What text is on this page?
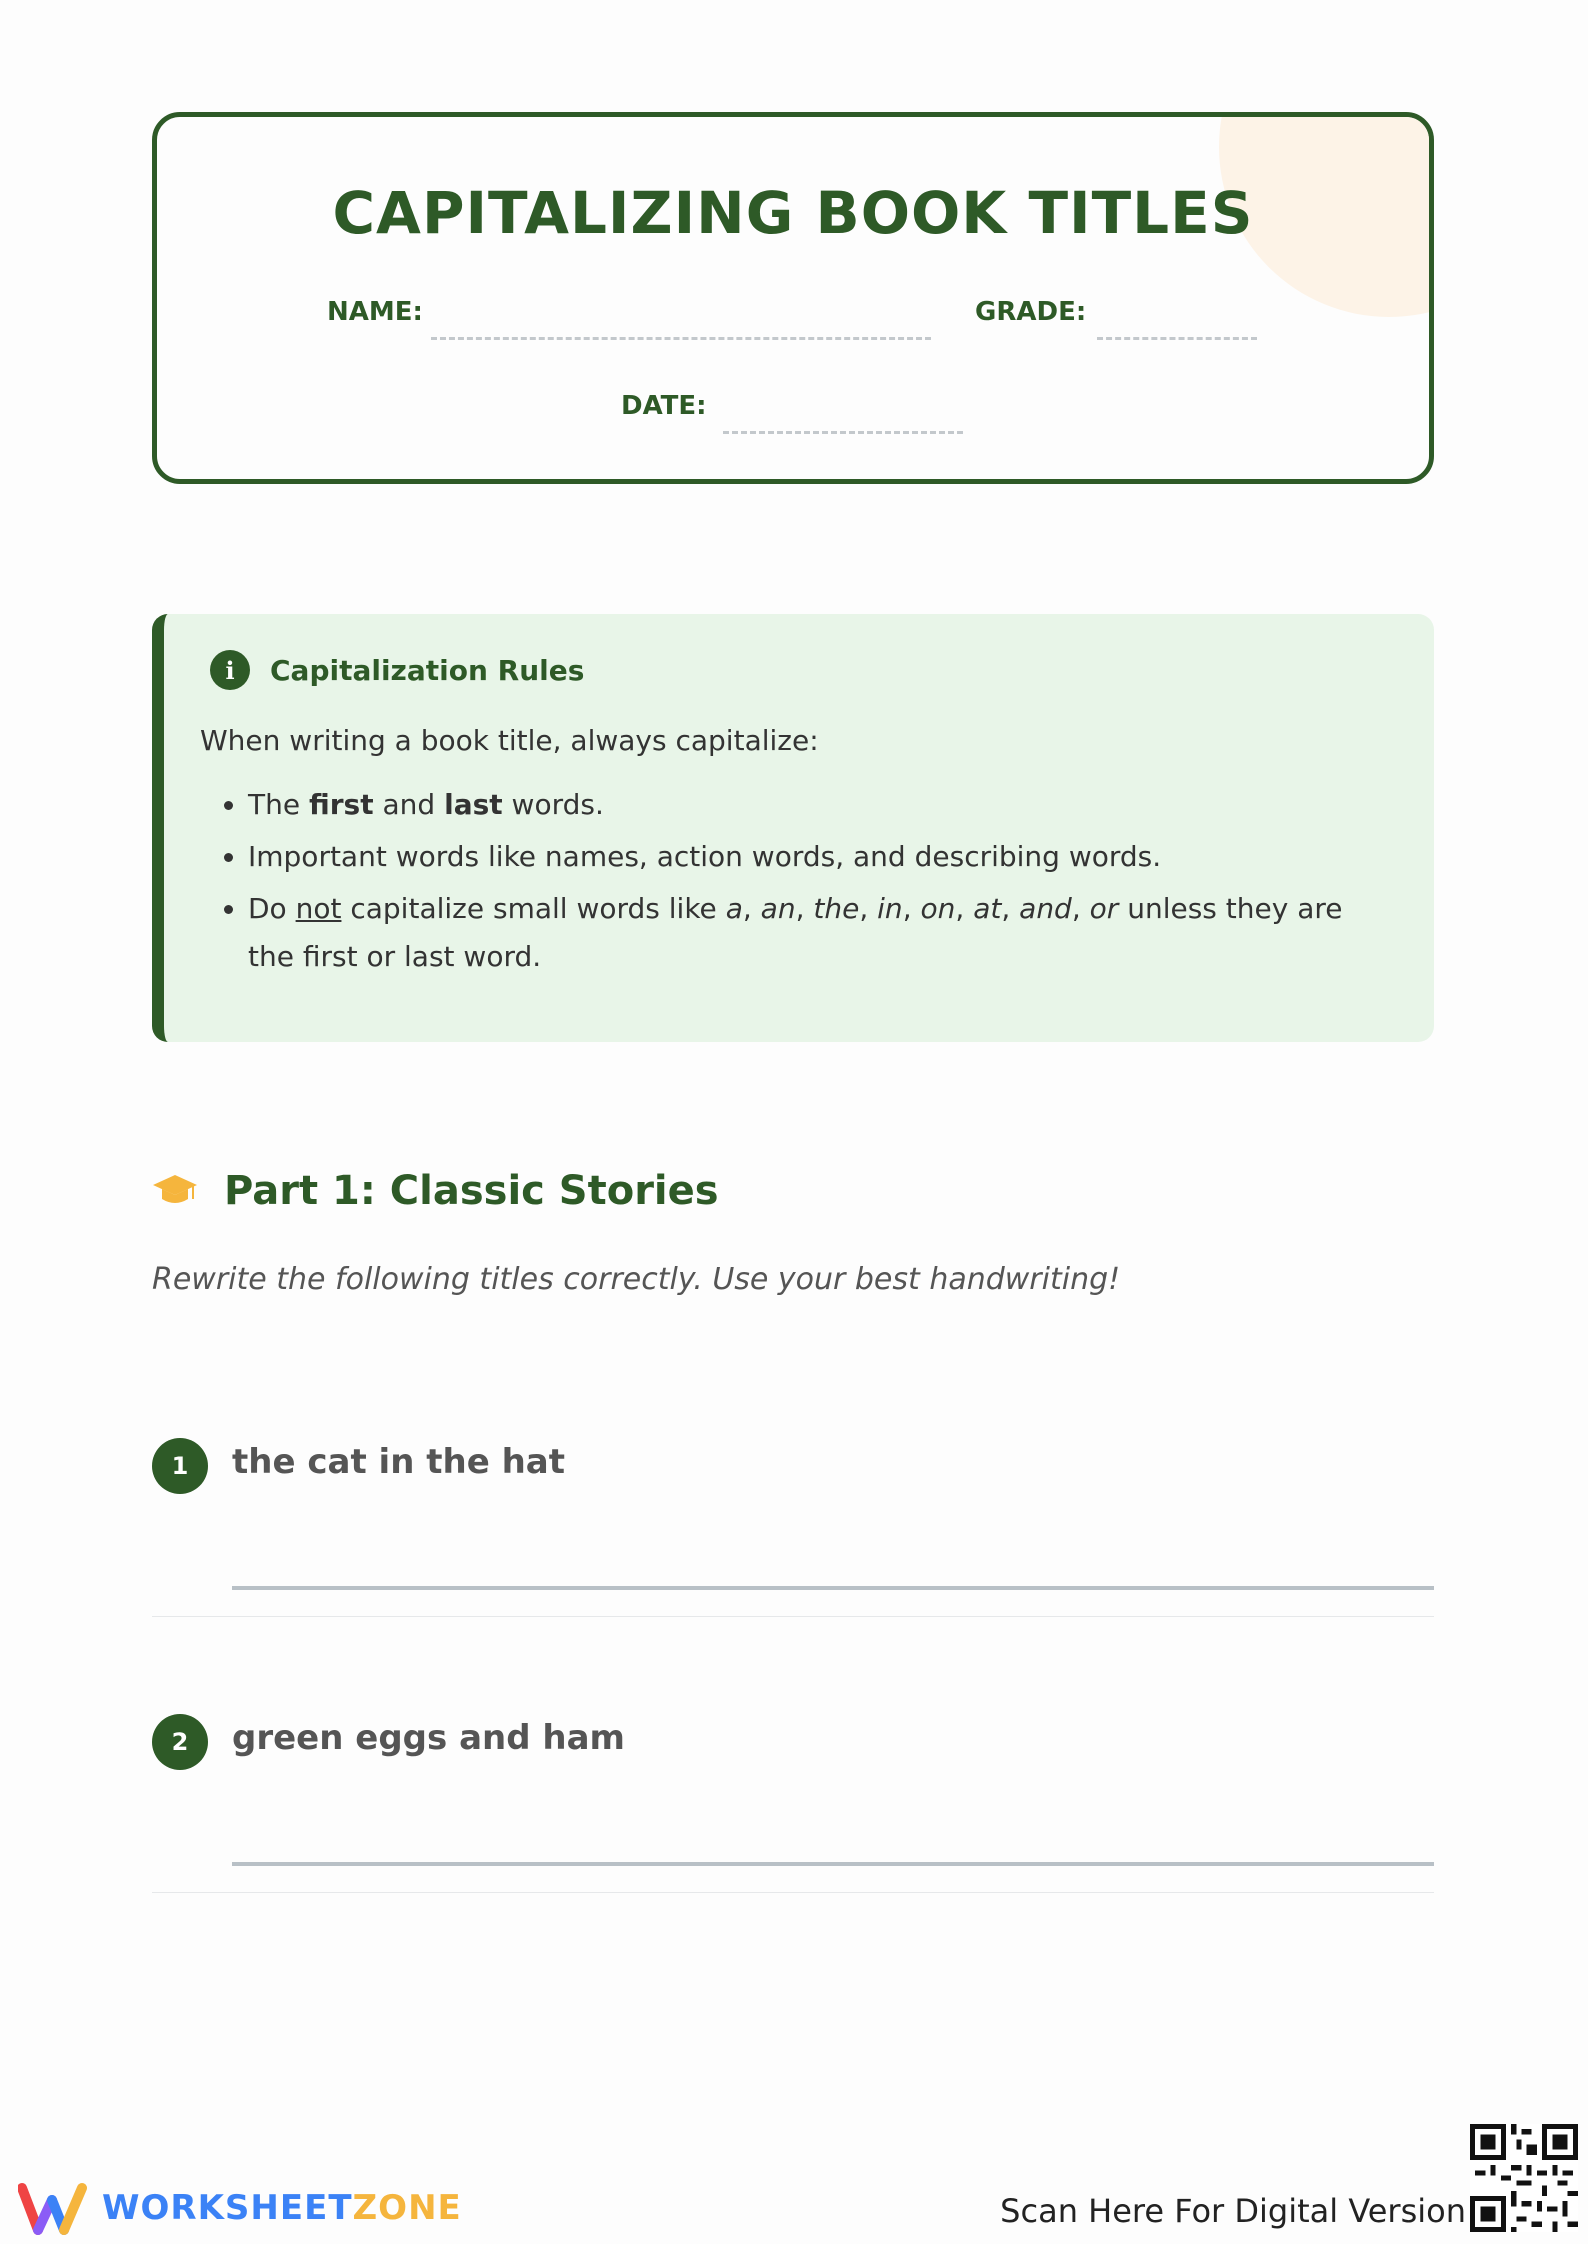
CAPITALIZING BOOK TITLES
NAME:	GRADE:
DATE:
i	Capitalization Rules
When writing a book title, always capitalize:
• The first and last words.
• Important words like names, action words, and describing words.
• Do not capitalize small words like a, an, the, in, on, at, and, or unless they are the first or last word.
Part 1: Classic Stories
Rewrite the following titles correctly. Use your best handwriting!
1	the cat in the hat
2	green eggs and ham
WORKSHEETZONE	Scan Here For Digital Version
